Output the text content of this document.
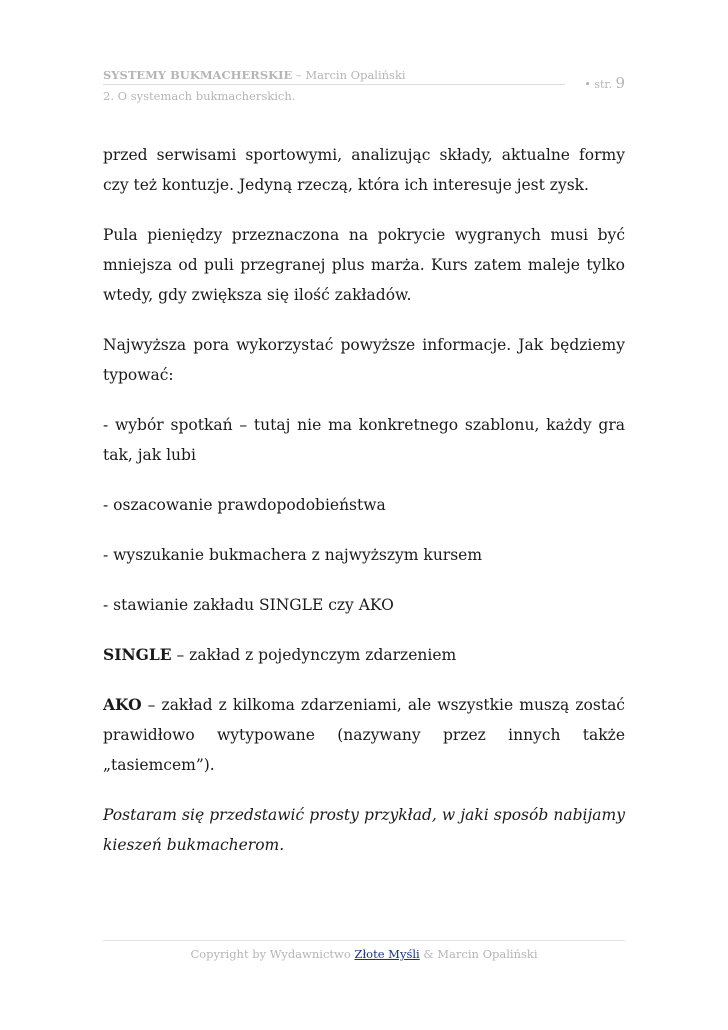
SYSTEMY BUKMACHERSKIE – Marcin Opaliński
2. O systemach bukmacherskich.
• str. 9

przed serwisami sportowymi, analizując składy, aktualne formy czy też kontuzje. Jedyną rzeczą, która ich interesuje jest zysk.

Pula pieniędzy przeznaczona na pokrycie wygranych musi być mniejsza od puli przegranej plus marża. Kurs zatem maleje tylko wtedy, gdy zwiększa się ilość zakładów.

Najwyższa pora wykorzystać powyższe informacje. Jak będziemy typować:

- wybór spotkań – tutaj nie ma konkretnego szablonu, każdy gra tak, jak lubi

- oszacowanie prawdopodobieństwa

- wyszukanie bukmachera z najwyższym kursem

- stawianie zakładu SINGLE czy AKO

SINGLE – zakład z pojedynczym zdarzeniem

AKO – zakład z kilkoma zdarzeniami, ale wszystkie muszą zostać prawidłowo wytypowane (nazywany przez innych także „tasiemcem”).

Postaram się przedstawić prosty przykład, w jaki sposób nabijamy kieszeń bukmacherom.

Copyright by Wydawnictwo Złote Myśli & Marcin Opaliński
